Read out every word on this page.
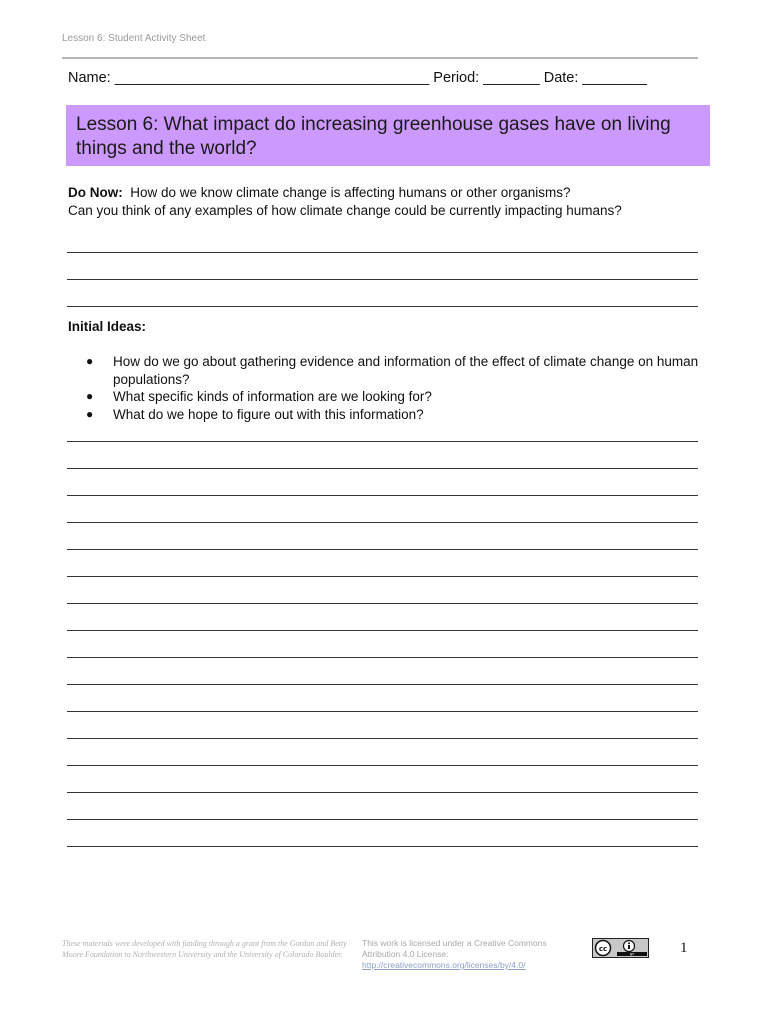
Lesson 6: Student Activity Sheet
Name: _______________________________________ Period: _______ Date: ________
Lesson 6: What impact do increasing greenhouse gases have on living things and the world?
Do Now: How do we know climate change is affecting humans or other organisms?
Can you think of any examples of how climate change could be currently impacting humans?
Initial Ideas:
● How do we go about gathering evidence and information of the effect of climate change on human populations?
● What specific kinds of information are we looking for?
● What do we hope to figure out with this information?
These materials were developed with funding through a grant from the Gordon and Betty Moore Foundation to Northwestern University and the University of Colorado Boulder.
This work is licensed under a Creative Commons Attribution 4.0 License: http://creativecommons.org/licenses/by/4.0/
cc
BY	1
